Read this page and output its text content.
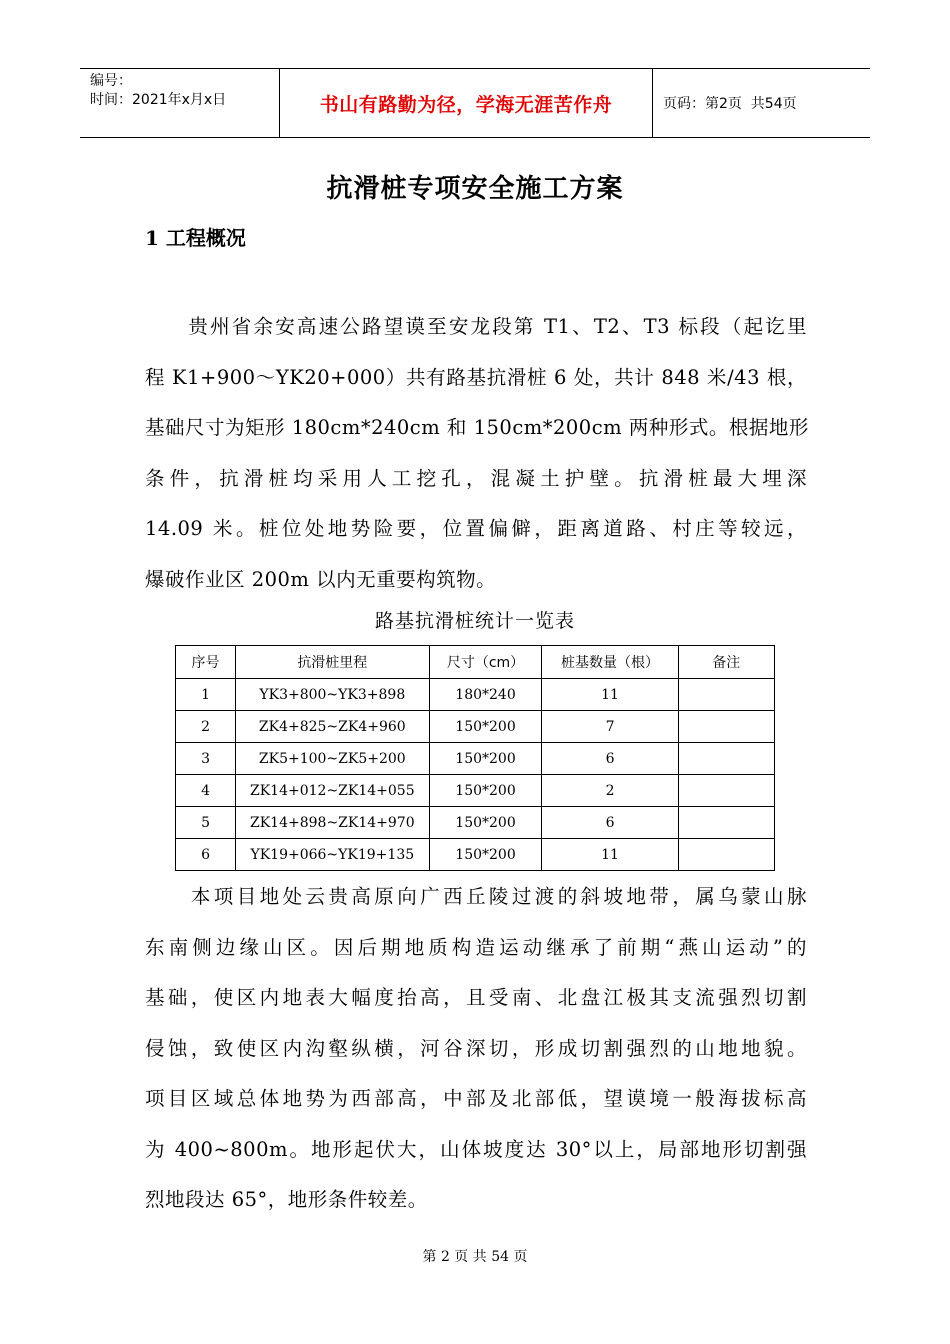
编号：
时间：2021年x月x日	书山有路勤为径，学海无涯苦作舟	页码：第2页  共54页
抗滑桩专项安全施工方案
1 工程概况
　　贵州省余安高速公路望谟至安龙段第 T1、T2、T3 标段（起讫里
程 K1+900～YK20+000）共有路基抗滑桩 6 处，共计 848 米/43 根，
基础尺寸为矩形 180cm*240cm 和 150cm*200cm 两种形式。根据地形
条件，抗滑桩均采用人工挖孔，混凝土护壁。抗滑桩最大埋深
14.09 米。桩位处地势险要，位置偏僻，距离道路、村庄等较远，
爆破作业区 200m 以内无重要构筑物。
路基抗滑桩统计一览表
序号	抗滑桩里程	尺寸（cm）	桩基数量（根）	备注
1	YK3+800~YK3+898	180*240	11	
2	ZK4+825~ZK4+960	150*200	7	
3	ZK5+100~ZK5+200	150*200	6	
4	ZK14+012~ZK14+055	150*200	2	
5	ZK14+898~ZK14+970	150*200	6	
6	YK19+066~YK19+135	150*200	11	
　　本项目地处云贵高原向广西丘陵过渡的斜坡地带，属乌蒙山脉
东南侧边缘山区。因后期地质构造运动继承了前期“燕山运动”的
基础，使区内地表大幅度抬高，且受南、北盘江极其支流强烈切割
侵蚀，致使区内沟壑纵横，河谷深切，形成切割强烈的山地地貌。
项目区域总体地势为西部高，中部及北部低，望谟境一般海拔标高
为 400~800m。地形起伏大，山体坡度达 30°以上，局部地形切割强
烈地段达 65°，地形条件较差。
第 2 页 共 54 页
